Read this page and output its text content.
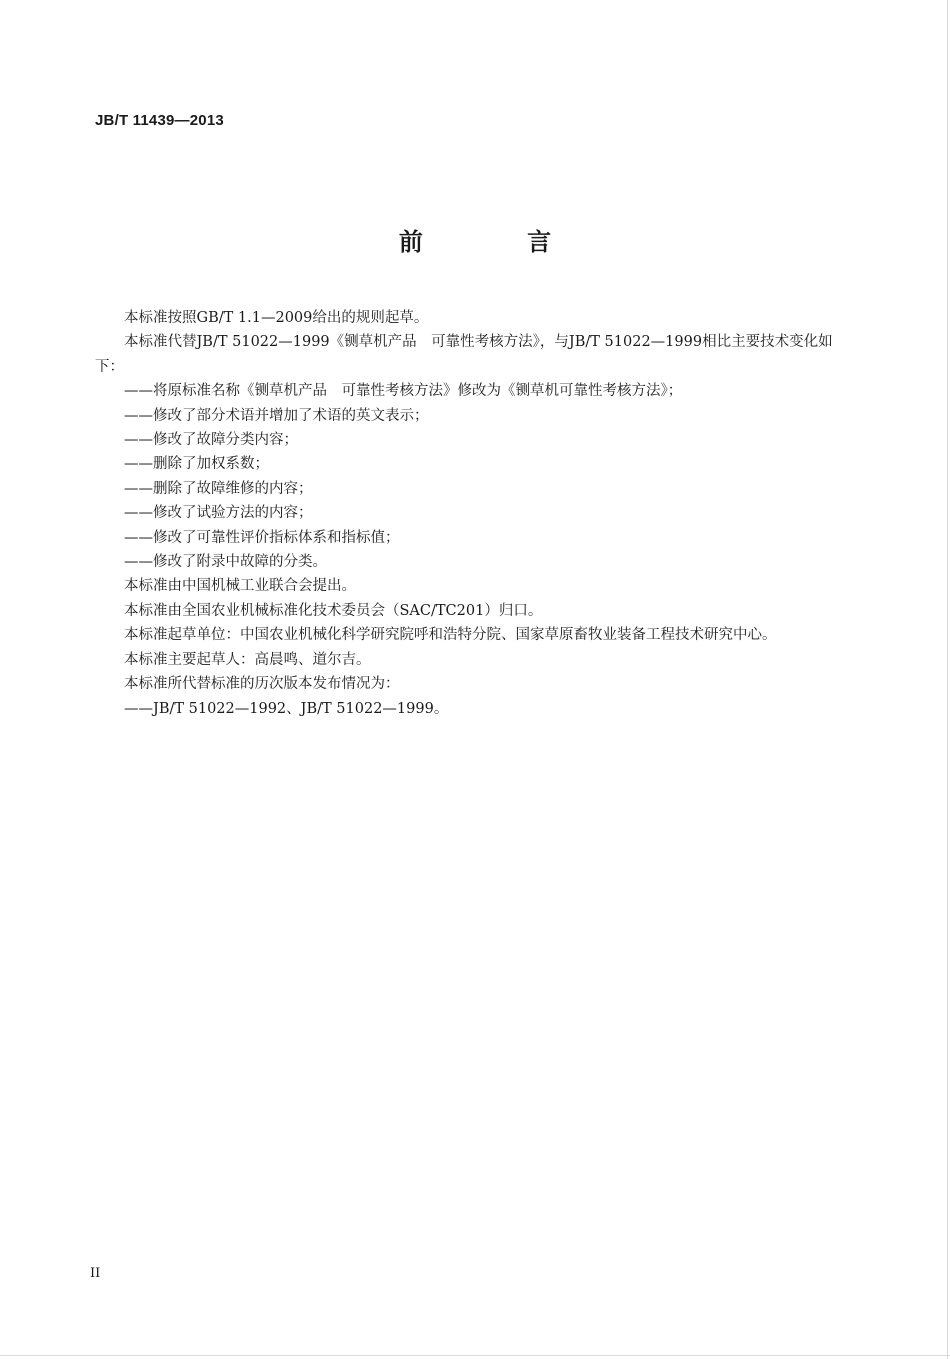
JB/T 11439—2013
前 言

本标准按照GB/T 1.1—2009给出的规则起草。

本标准代替JB/T 51022—1999《铡草机产品　可靠性考核方法》，与JB/T 51022—1999相比主要技术变化如下：

——将原标准名称《铡草机产品　可靠性考核方法》修改为《铡草机可靠性考核方法》；

——修改了部分术语并增加了术语的英文表示；

——修改了故障分类内容；

——删除了加权系数；

——删除了故障维修的内容；

——修改了试验方法的内容；

——修改了可靠性评价指标体系和指标值；

——修改了附录中故障的分类。

本标准由中国机械工业联合会提出。

本标准由全国农业机械标准化技术委员会（SAC/TC201）归口。

本标准起草单位：中国农业机械化科学研究院呼和浩特分院、国家草原畜牧业装备工程技术研究中心。

本标准主要起草人：高晨鸣、道尔吉。

本标准所代替标准的历次版本发布情况为：

——JB/T 51022—1992、JB/T 51022—1999。

II
